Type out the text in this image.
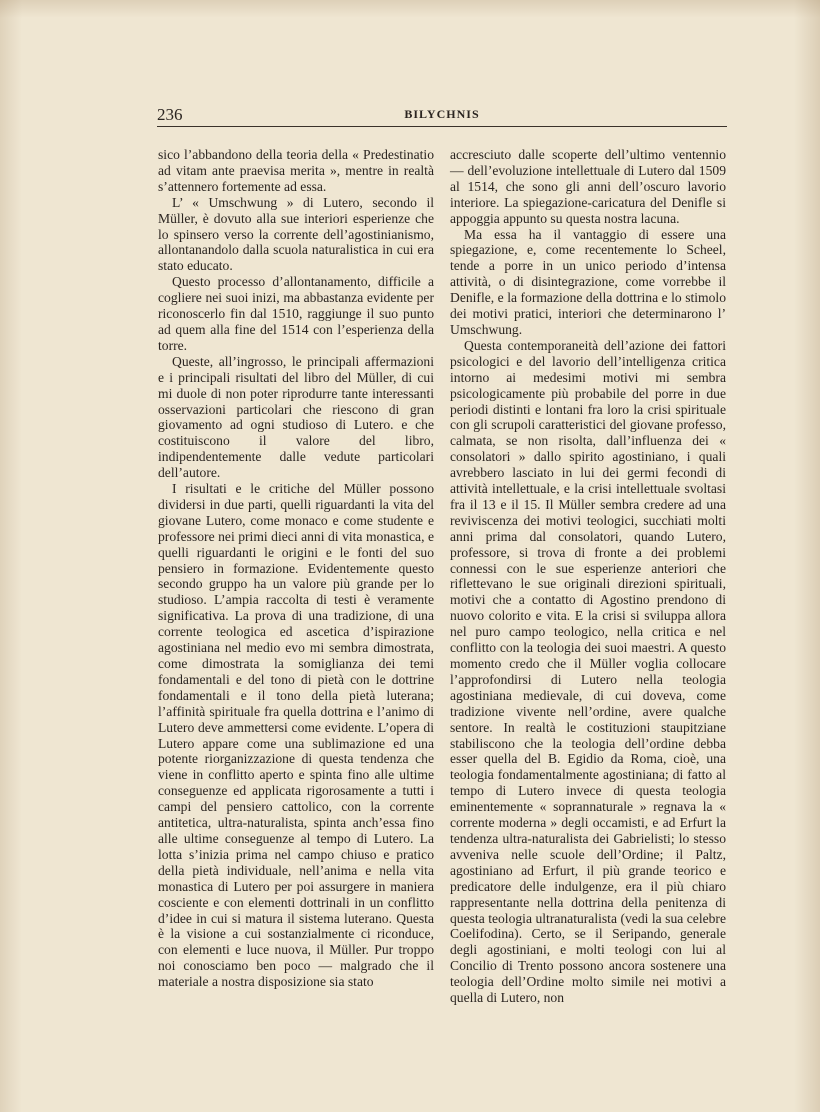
236	BILYCHNIS

sico l’abbandono della teoria della « Predestinatio ad vitam ante praevisa merita », mentre in realtà s’attennero fortemente ad essa.

L’ « Umschwung » di Lutero, secondo il Müller, è dovuto alla sue interiori esperienze che lo spinsero verso la corrente dell’agostinianismo, allontanandolo dalla scuola naturalistica in cui era stato educato.

Questo processo d’allontanamento, difficile a cogliere nei suoi inizi, ma abbastanza evidente per riconoscerlo fin dal 1510, raggiunge il suo punto ad quem alla fine del 1514 con l’esperienza della torre.

Queste, all’ingrosso, le principali affermazioni e i principali risultati del libro del Müller, di cui mi duole di non poter riprodurre tante interessanti osservazioni particolari che riescono di gran giovamento ad ogni studioso di Lutero. e che costituiscono il valore del libro, indipendentemente dalle vedute particolari dell’autore.

I risultati e le critiche del Müller possono dividersi in due parti, quelli riguardanti la vita del giovane Lutero, come monaco e come studente e professore nei primi dieci anni di vita monastica, e quelli riguardanti le origini e le fonti del suo pensiero in formazione. Evidentemente questo secondo gruppo ha un valore più grande per lo studioso. L’ampia raccolta di testi è veramente significativa. La prova di una tradizione, di una corrente teologica ed ascetica d’ispirazione agostiniana nel medio evo mi sembra dimostrata, come dimostrata la somiglianza dei temi fondamentali e del tono di pietà con le dottrine fondamentali e il tono della pietà luterana; l’affinità spirituale fra quella dottrina e l’animo di Lutero deve ammettersi come evidente. L’opera di Lutero appare come una sublimazione ed una potente riorganizzazione di questa tendenza che viene in conflitto aperto e spinta fino alle ultime conseguenze ed applicata rigorosamente a tutti i campi del pensiero cattolico, con la corrente antitetica, ultra-naturalista, spinta anch’essa fino alle ultime conseguenze al tempo di Lutero. La lotta s’inizia prima nel campo chiuso e pratico della pietà individuale, nell’anima e nella vita monastica di Lutero per poi assurgere in maniera cosciente e con elementi dottrinali in un conflitto d’idee in cui si matura il sistema luterano. Questa è la visione a cui sostanzialmente ci riconduce, con elementi e luce nuova, il Müller. Pur troppo noi conosciamo ben poco — malgrado che il materiale a nostra disposizione sia stato

accresciuto dalle scoperte dell’ultimo ventennio — dell’evoluzione intellettuale di Lutero dal 1509 al 1514, che sono gli anni dell’oscuro lavorio interiore. La spiegazione-caricatura del Denifle si appoggia appunto su questa nostra lacuna.

Ma essa ha il vantaggio di essere una spiegazione, e, come recentemente lo Scheel, tende a porre in un unico periodo d’intensa attività, o di disintegrazione, come vorrebbe il Denifle, e la formazione della dottrina e lo stimolo dei motivi pratici, interiori che determinarono l’ Umschwung.

Questa contemporaneità dell’azione dei fattori psicologici e del lavorio dell’intelligenza critica intorno ai medesimi motivi mi sembra psicologicamente più probabile del porre in due periodi distinti e lontani fra loro la crisi spirituale con gli scrupoli caratteristici del giovane professo, calmata, se non risolta, dall’influenza dei « consolatori » dallo spirito agostiniano, i quali avrebbero lasciato in lui dei germi fecondi di attività intellettuale, e la crisi intellettuale svoltasi fra il 13 e il 15. Il Müller sembra credere ad una reviviscenza dei motivi teologici, succhiati molti anni prima dal consolatori, quando Lutero, professore, si trova di fronte a dei problemi connessi con le sue esperienze anteriori che riflettevano le sue originali direzioni spirituali, motivi che a contatto di Agostino prendono di nuovo colorito e vita. E la crisi si sviluppa allora nel puro campo teologico, nella critica e nel conflitto con la teologia dei suoi maestri. A questo momento credo che il Müller voglia collocare l’approfondirsi di Lutero nella teologia agostiniana medievale, di cui doveva, come tradizione vivente nell’ordine, avere qualche sentore. In realtà le costituzioni staupitziane stabiliscono che la teologia dell’ordine debba esser quella del B. Egidio da Roma, cioè, una teologia fondamentalmente agostiniana; di fatto al tempo di Lutero invece di questa teologia eminentemente « soprannaturale » regnava la « corrente moderna » degli occamisti, e ad Erfurt la tendenza ultra-naturalista dei Gabrielisti; lo stesso avveniva nelle scuole dell’Ordine; il Paltz, agostiniano ad Erfurt, il più grande teorico e predicatore delle indulgenze, era il più chiaro rappresentante nella dottrina della penitenza di questa teologia ultranaturalista (vedi la sua celebre Coelifodina). Certo, se il Seripando, generale degli agostiniani, e molti teologi con lui al Concilio di Trento possono ancora sostenere una teologia dell’Ordine molto simile nei motivi a quella di Lutero, non
